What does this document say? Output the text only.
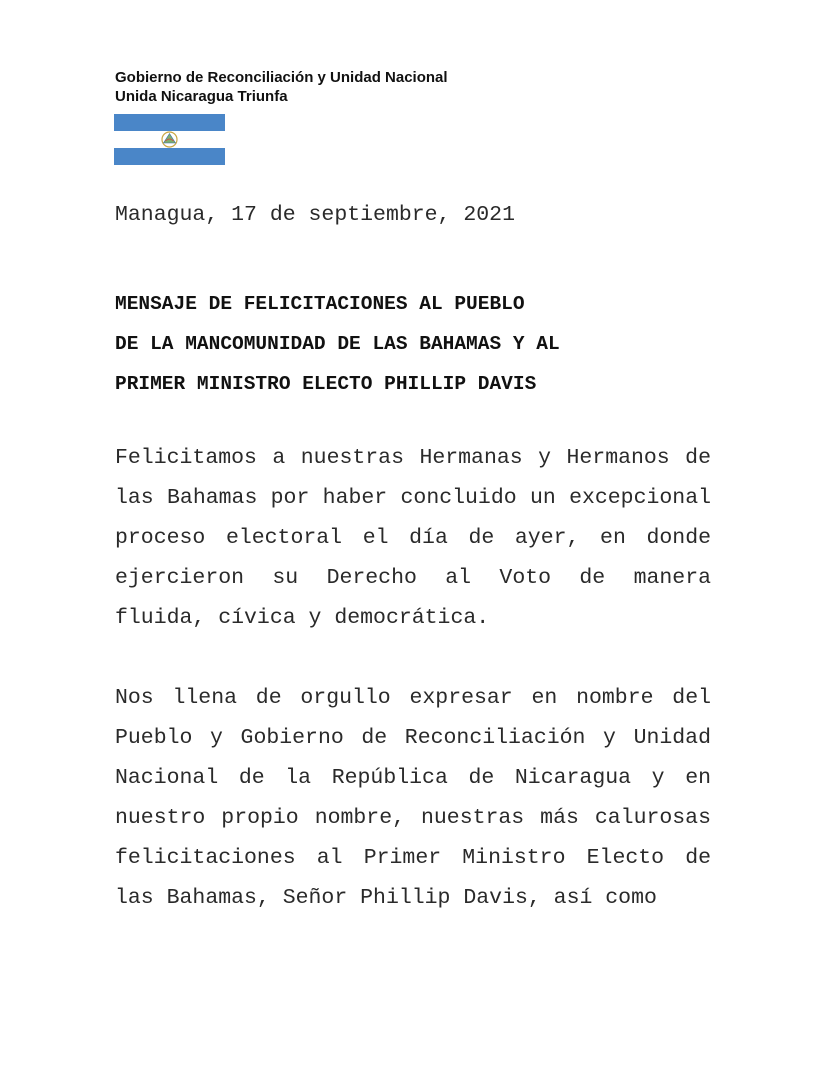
Gobierno de Reconciliación y Unidad Nacional
Unida Nicaragua Triunfa
Managua, 17 de septiembre, 2021
MENSAJE DE FELICITACIONES AL PUEBLO
DE LA MANCOMUNIDAD DE LAS BAHAMAS Y AL
PRIMER MINISTRO ELECTO PHILLIP DAVIS

Felicitamos a nuestras Hermanas y Hermanos de las Bahamas por haber concluido un excepcional proceso electoral el día de ayer, en donde ejercieron su Derecho al Voto de manera fluida, cívica y democrática.

Nos llena de orgullo expresar en nombre del Pueblo y Gobierno de Reconciliación y Unidad Nacional de la República de Nicaragua y en nuestro propio nombre, nuestras más calurosas felicitaciones al Primer Ministro Electo de las Bahamas, Señor Phillip Davis, así como
